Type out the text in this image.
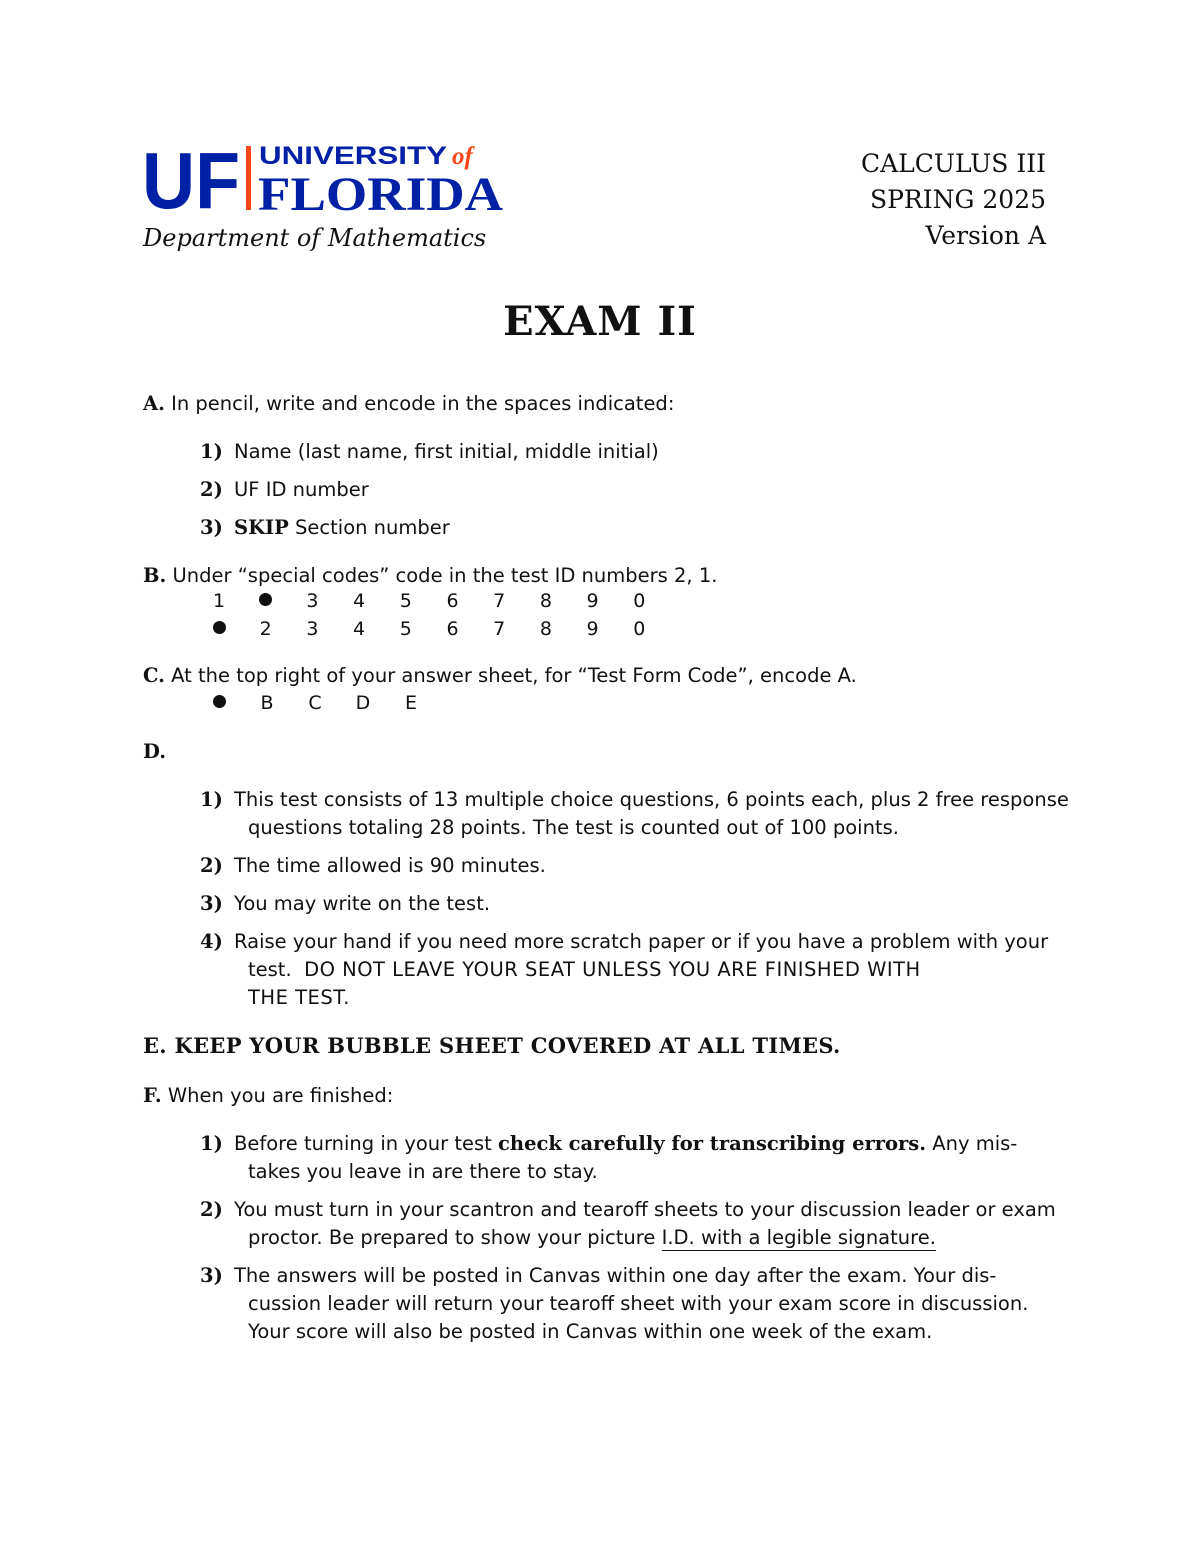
UF UNIVERSITY of
FLORIDA
Department of Mathematics
CALCULUS III
SPRING 2025
Version A
EXAM II
A. In pencil, write and encode in the spaces indicated:
1) Name (last name, first initial, middle initial)
2) UF ID number
3) SKIP Section number
B. Under “special codes” code in the test ID numbers 2, 1.
1	3 4 5 6 7 8 9 0
2 3 4 5 6 7 8 9 0
C. At the top right of your answer sheet, for “Test Form Code”, encode A.
B C D E
D.
1) This test consists of 13 multiple choice questions, 6 points each, plus 2 free response
questions totaling 28 points. The test is counted out of 100 points.
2) The time allowed is 90 minutes.
3) You may write on the test.
4) Raise your hand if you need more scratch paper or if you have a problem with your
test. DO NOT LEAVE YOUR SEAT UNLESS YOU ARE FINISHED WITH
THE TEST.
E. KEEP YOUR BUBBLE SHEET COVERED AT ALL TIMES.
F. When you are finished:
1) Before turning in your test check carefully for transcribing errors. Any mis-
takes you leave in are there to stay.
2) You must turn in your scantron and tearoff sheets to your discussion leader or exam
proctor. Be prepared to show your picture I.D. with a legible signature.
3) The answers will be posted in Canvas within one day after the exam. Your dis-
cussion leader will return your tearoff sheet with your exam score in discussion.
Your score will also be posted in Canvas within one week of the exam.
